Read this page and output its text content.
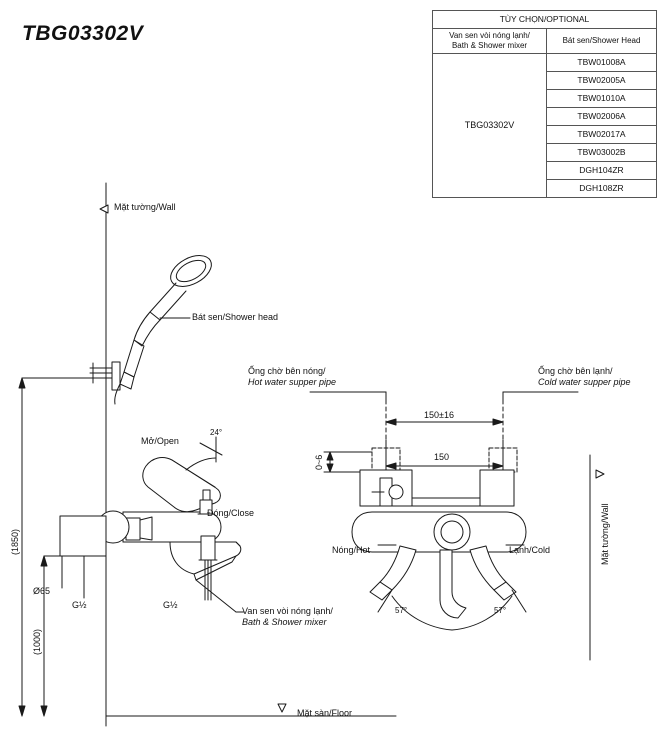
TBG03302V
TÙY CHỌN/OPTIONAL	
Van sen vòi nóng lạnh/
Bath & Shower mixer	Bát sen/Shower Head
TBG03302V	TBW01008A
	TBW02005A
	TBW01010A
	TBW02006A
	TBW02017A
	TBW03002B
	DGH104ZR
	DGH108ZR
Mặt tường/Wall
Bát sen/Shower head
Ống chờ bên nóng/
Hot water supper pipe
Ống chờ bên lạnh/
Cold water supper pipe
Mở/Open
24°
Đóng/Close
Van sen vòi nóng lạnh/
Bath & Shower mixer
Mặt sàn/Floor
Nóng/Hot	Lạnh/Cold
57°	57°
150±16
150
0~6
(1850)
(1000)
Ø65
G½	G½
Mặt tường/Wall
